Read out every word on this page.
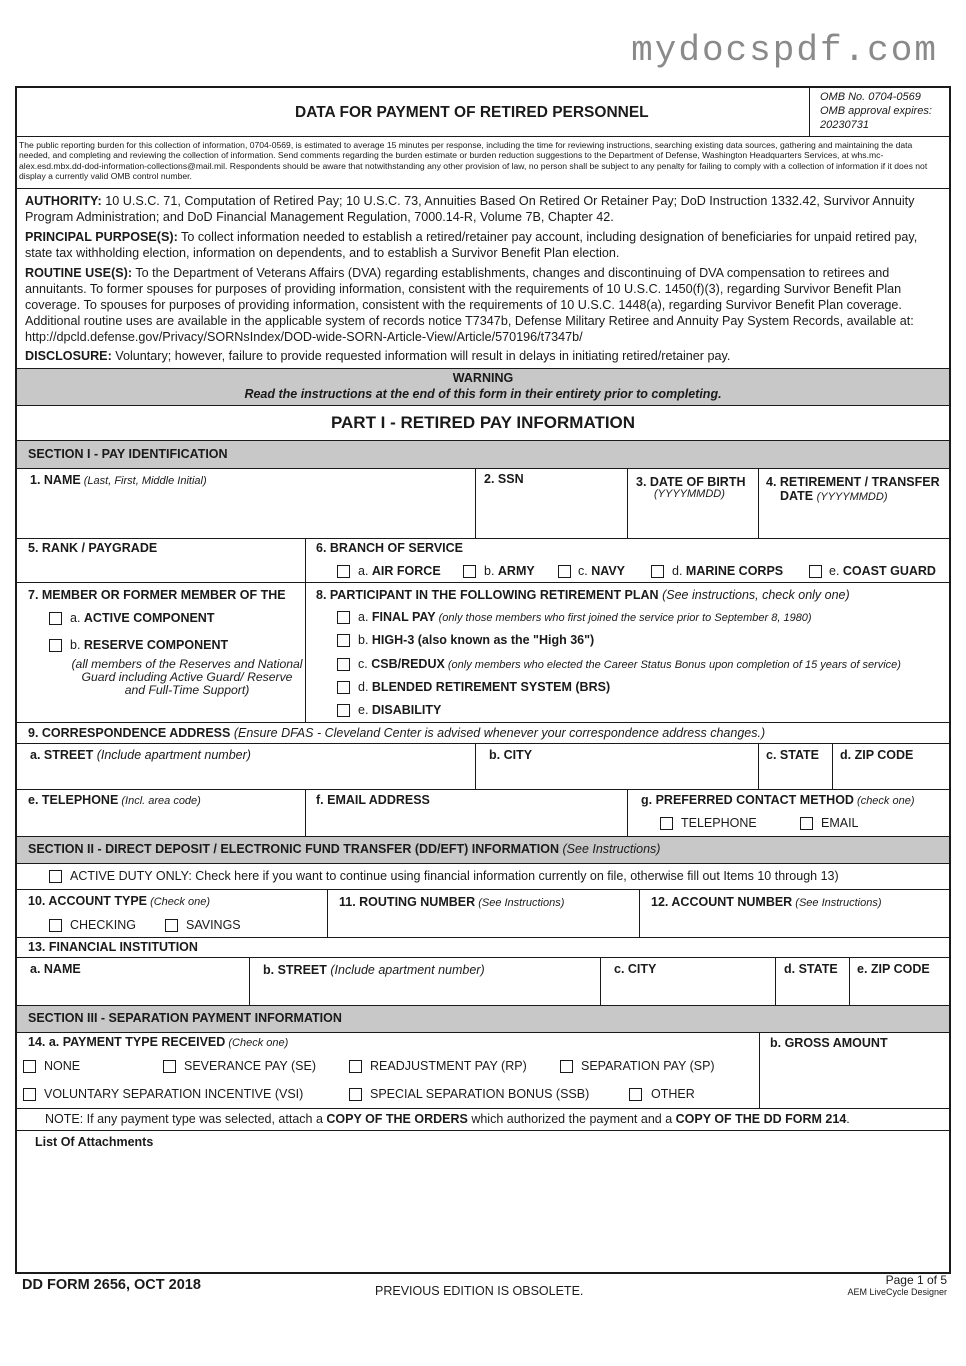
mydocspdf.com
DATA FOR PAYMENT OF RETIRED PERSONNEL
OMB No. 0704-0569
OMB approval expires:
20230731
The public reporting burden for this collection of information, 0704-0569, is estimated to average 15 minutes per response, including the time for reviewing instructions, searching existing data sources, gathering and maintaining the data needed, and completing and reviewing the collection of information. Send comments regarding the burden estimate or burden reduction suggestions to the Department of Defense, Washington Headquarters Services, at whs.mc-alex.esd.mbx.dd-dod-information-collections@mail.mil. Respondents should be aware that notwithstanding any other provision of law, no person shall be subject to any penalty for failing to comply with a collection of information if it does not display a currently valid OMB control number.
AUTHORITY: 10 U.S.C. 71, Computation of Retired Pay; 10 U.S.C. 73, Annuities Based On Retired Or Retainer Pay; DoD Instruction 1332.42, Survivor Annuity Program Administration; and DoD Financial Management Regulation, 7000.14-R, Volume 7B, Chapter 42.
PRINCIPAL PURPOSE(S): To collect information needed to establish a retired/retainer pay account, including designation of beneficiaries for unpaid retired pay, state tax withholding election, information on dependents, and to establish a Survivor Benefit Plan election.
ROUTINE USE(S): To the Department of Veterans Affairs (DVA) regarding establishments, changes and discontinuing of DVA compensation to retirees and annuitants. To former spouses for purposes of providing information, consistent with the requirements of 10 U.S.C. 1450(f)(3), regarding Survivor Benefit Plan coverage. To spouses for purposes of providing information, consistent with the requirements of 10 U.S.C. 1448(a), regarding Survivor Benefit Plan coverage. Additional routine uses are available in the applicable system of records notice T7347b, Defense Military Retiree and Annuity Pay System Records, available at: http://dpcld.defense.gov/Privacy/SORNsIndex/DOD-wide-SORN-Article-View/Article/570196/t7347b/
DISCLOSURE: Voluntary; however, failure to provide requested information will result in delays in initiating retired/retainer pay.
WARNING
Read the instructions at the end of this form in their entirety prior to completing.
PART I - RETIRED PAY INFORMATION
SECTION I - PAY IDENTIFICATION
1. NAME (Last, First, Middle Initial)	2. SSN	3. DATE OF BIRTH
(YYYYMMDD)
4. RETIREMENT / TRANSFER
DATE (YYYYMMDD)
5. RANK / PAYGRADE	6. BRANCH OF SERVICE
a. AIR FORCE	b. ARMY	c. NAVY	d. MARINE CORPS	e. COAST GUARD
7. MEMBER OR FORMER MEMBER OF THE
a. ACTIVE COMPONENT
b. RESERVE COMPONENT
(all members of the Reserves and National Guard including Active Guard/ Reserve and Full-Time Support)
8. PARTICIPANT IN THE FOLLOWING RETIREMENT PLAN (See instructions, check only one)
a. FINAL PAY (only those members who first joined the service prior to September 8, 1980)
b. HIGH-3 (also known as the "High 36")
c. CSB/REDUX (only members who elected the Career Status Bonus upon completion of 15 years of service)
d. BLENDED RETIREMENT SYSTEM (BRS)
e. DISABILITY
9. CORRESPONDENCE ADDRESS (Ensure DFAS - Cleveland Center is advised whenever your correspondence address changes.)
a. STREET (Include apartment number)	b. CITY	c. STATE d. ZIP CODE
e. TELEPHONE (Incl. area code)	f. EMAIL ADDRESS	g. PREFERRED CONTACT METHOD (check one)
TELEPHONE	EMAIL
SECTION II - DIRECT DEPOSIT / ELECTRONIC FUND TRANSFER (DD/EFT) INFORMATION (See Instructions)
ACTIVE DUTY ONLY: Check here if you want to continue using financial information currently on file, otherwise fill out Items 10 through 13)
10. ACCOUNT TYPE (Check one)
CHECKING	SAVINGS
11. ROUTING NUMBER (See Instructions)	12. ACCOUNT NUMBER (See Instructions)
13. FINANCIAL INSTITUTION
a. NAME	b. STREET (Include apartment number)	c. CITY	d. STATE e. ZIP CODE
SECTION III - SEPARATION PAYMENT INFORMATION
14. a. PAYMENT TYPE RECEIVED (Check one)	b. GROSS AMOUNT
NONE	SEVERANCE PAY (SE)	READJUSTMENT PAY (RP)	SEPARATION PAY (SP)
VOLUNTARY SEPARATION INCENTIVE (VSI)	SPECIAL SEPARATION BONUS (SSB)	OTHER
NOTE: If any payment type was selected, attach a COPY OF THE ORDERS which authorized the payment and a COPY OF THE DD FORM 214.
List Of Attachments
DD FORM 2656, OCT 2018	PREVIOUS EDITION IS OBSOLETE.
Page 1 of 5
AEM LiveCycle Designer
